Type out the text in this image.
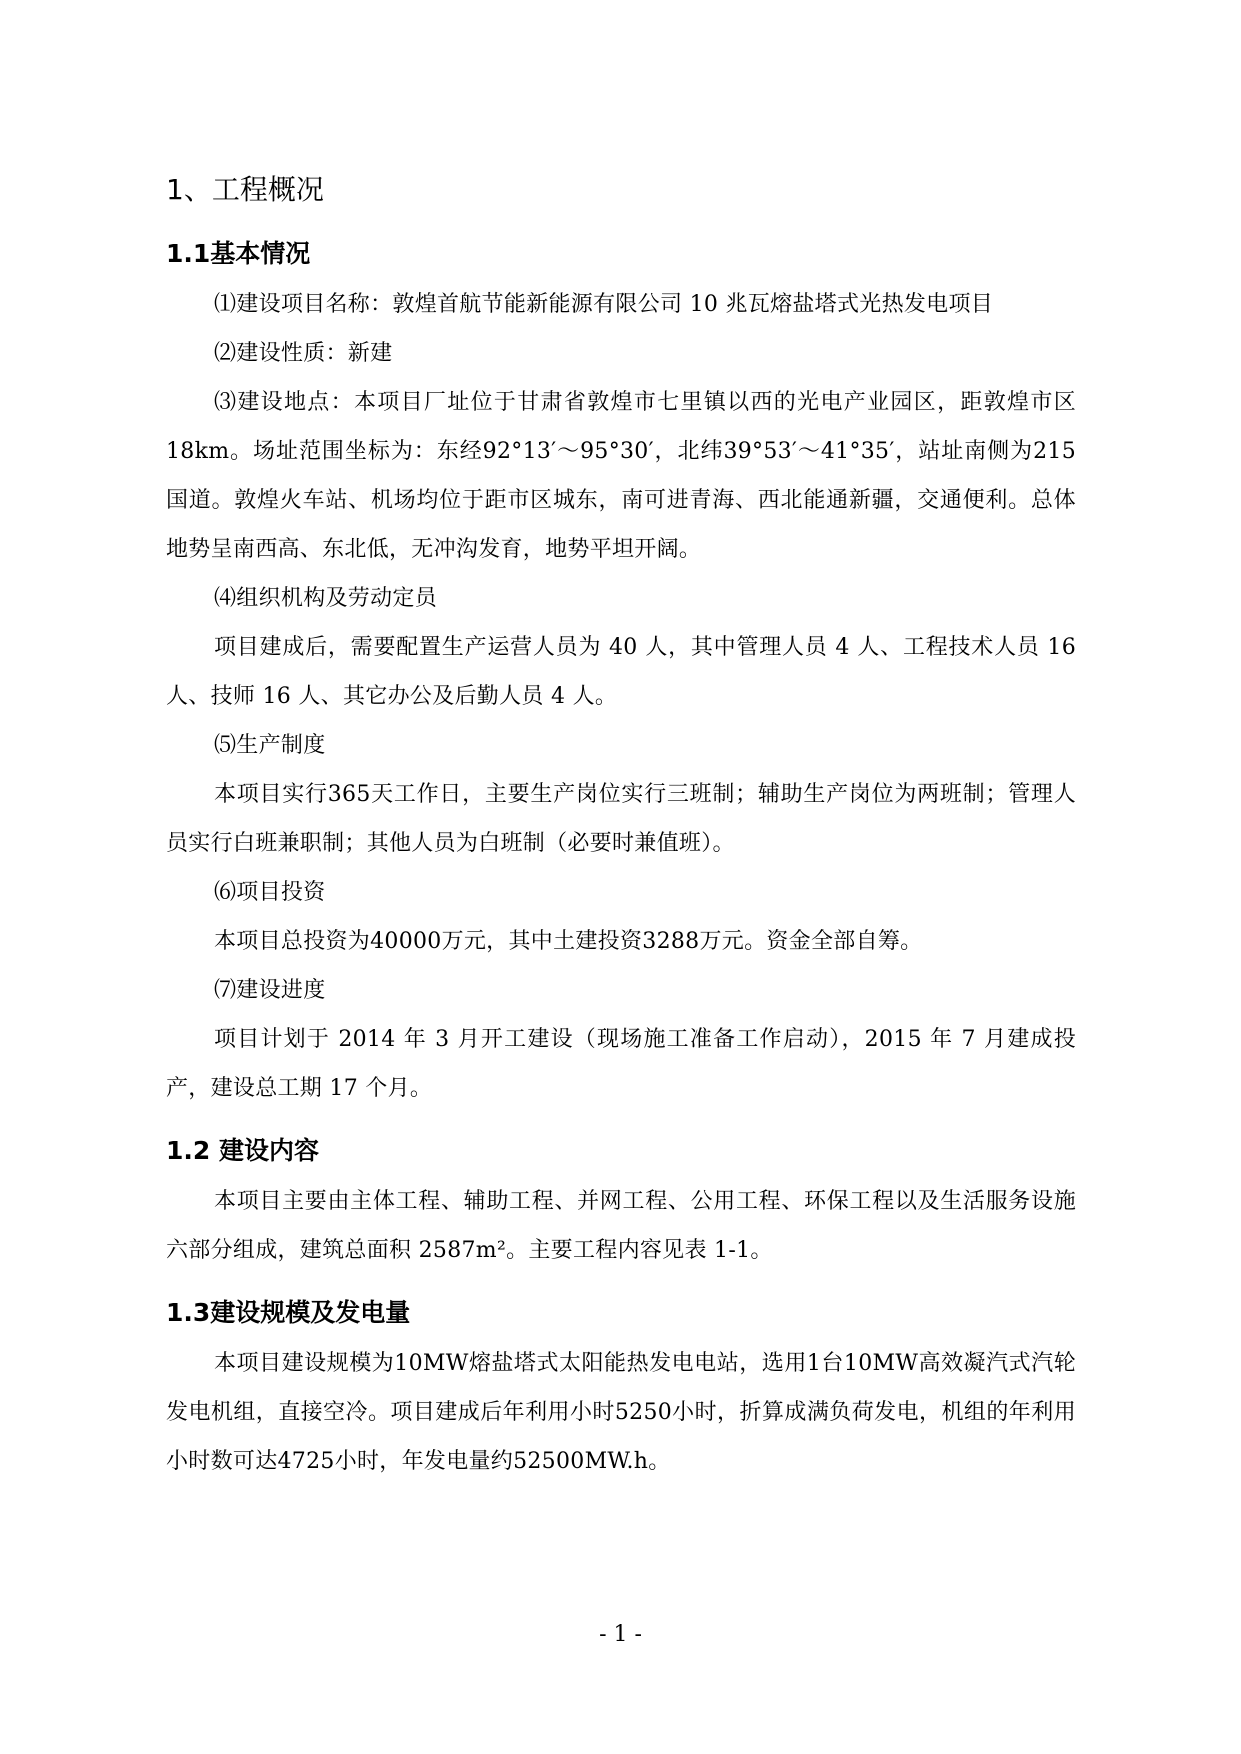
1、工程概况
1.1基本情况

⑴建设项目名称：敦煌首航节能新能源有限公司 10 兆瓦熔盐塔式光热发电项目

⑵建设性质：新建

⑶建设地点：本项目厂址位于甘肃省敦煌市七里镇以西的光电产业园区，距敦煌市区18km。场址范围坐标为：东经92°13′～95°30′，北纬39°53′～41°35′，站址南侧为215国道。敦煌火车站、机场均位于距市区城东，南可进青海、西北能通新疆，交通便利。总体地势呈南西高、东北低，无冲沟发育，地势平坦开阔。

⑷组织机构及劳动定员

项目建成后，需要配置生产运营人员为 40 人，其中管理人员 4 人、工程技术人员 16 人、技师 16 人、其它办公及后勤人员 4 人。

⑸生产制度

本项目实行365天工作日，主要生产岗位实行三班制；辅助生产岗位为两班制；管理人员实行白班兼职制；其他人员为白班制（必要时兼值班）。

⑹项目投资

本项目总投资为40000万元，其中土建投资3288万元。资金全部自筹。

⑺建设进度

项目计划于 2014 年 3 月开工建设（现场施工准备工作启动），2015 年 7 月建成投产，建设总工期 17 个月。

1.2 建设内容

本项目主要由主体工程、辅助工程、并网工程、公用工程、环保工程以及生活服务设施六部分组成，建筑总面积 2587m²。主要工程内容见表 1-1。

1.3建设规模及发电量

本项目建设规模为10MW熔盐塔式太阳能热发电电站，选用1台10MW高效凝汽式汽轮发电机组，直接空冷。项目建成后年利用小时5250小时，折算成满负荷发电，机组的年利用小时数可达4725小时，年发电量约52500MW.h。

- 1 -
